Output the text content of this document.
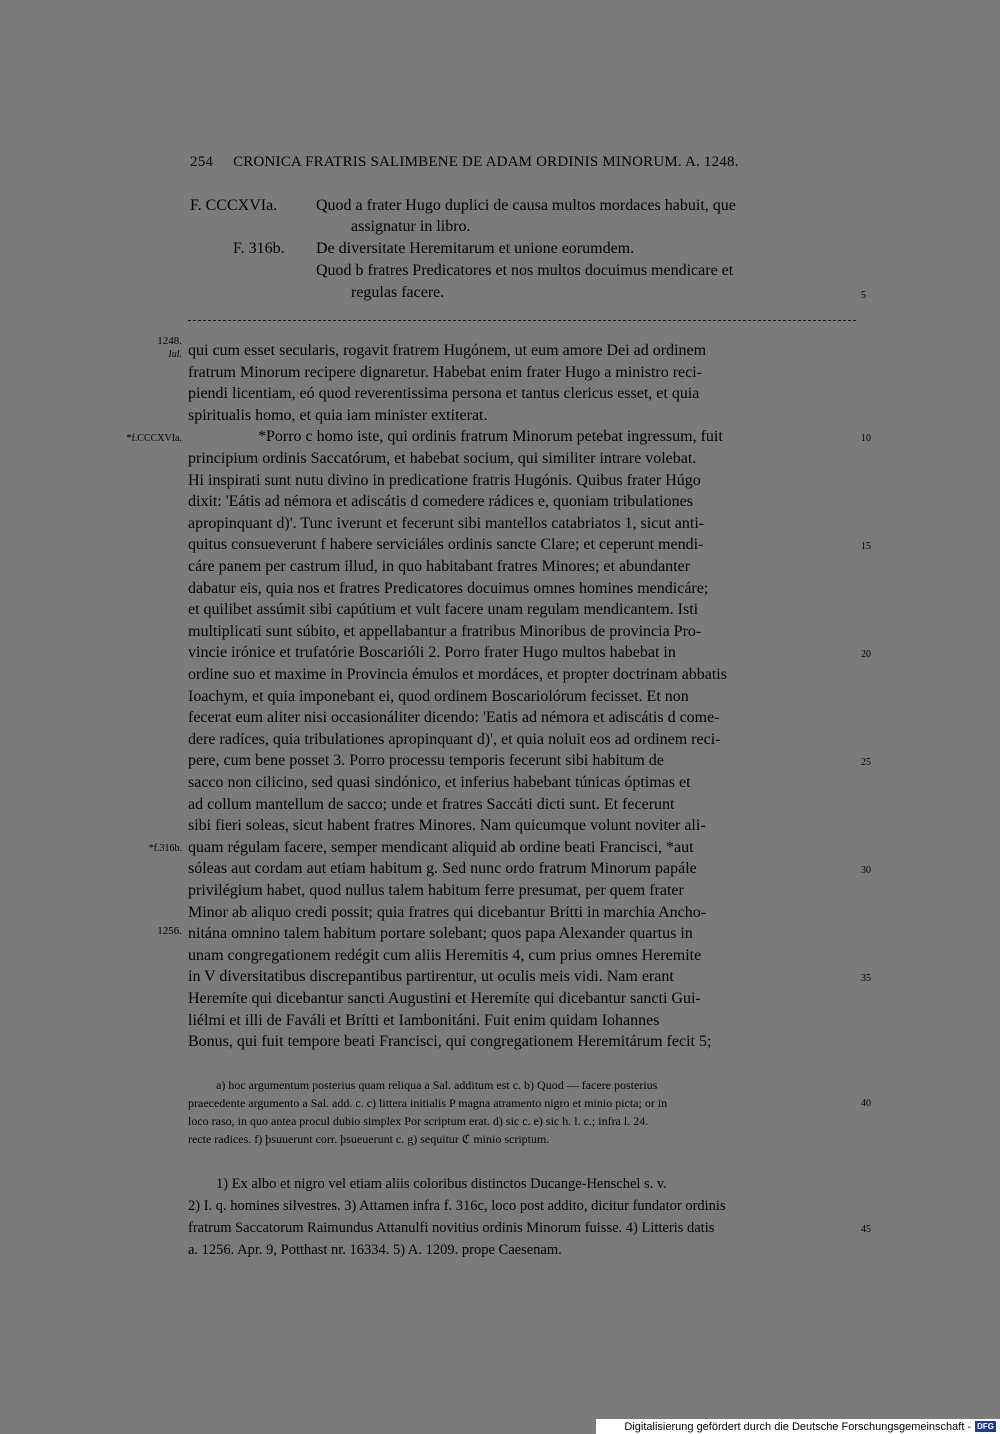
254 CRONICA FRATRIS SALIMBENE DE ADAM ORDINIS MINORUM. A. 1248.
F. CCCXVIa. Quod a frater Hugo duplici de causa multos mordaces habuit, que
assignatur in libro.
F. 316b. De diversitate Heremitarum et unione eorumdem.
Quod b fratres Predicatores et nos multos docuimus mendicare et
regulas facere.	5
1248.
Iul.
*f.CCCXVIa.
*f.316b.
1256.
qui cum esset secularis, rogavit fratrem Hugónem, ut eum amore Dei ad ordinem
fratrum Minorum recipere dignaretur. Habebat enim frater Hugo a ministro reci-
piendi licentiam, eó quod reverentissima persona et tantus clericus esset, et quia
spiritualis homo, et quia iam minister extiterat.
*Porro c homo iste, qui ordinis fratrum Minorum petebat ingressum, fuit
principium ordinis Saccatórum, et habebat socium, qui similiter intrare volebat.
Hi inspirati sunt nutu divino in predicatione fratris Hugónis. Quibus frater Húgo
dixit: 'Eátis ad némora et adiscátis d comedere rádices e, quoniam tribulationes
apropinquant d)'. Tunc iverunt et fecerunt sibi mantellos catabriatos 1, sicut anti-
quitus consueverunt f habere serviciáles ordinis sancte Clare; et ceperunt mendi-
cáre panem per castrum illud, in quo habitabant fratres Minores; et abundanter
dabatur eis, quia nos et fratres Predicatores docuimus omnes homines mendicáre;
et quilibet assúmit sibi capútium et vult facere unam regulam mendicantem. Isti
multiplicati sunt súbito, et appellabantur a fratribus Minoribus de provincia Pro-
vincie irónice et trufatórie Boscarióli 2. Porro frater Hugo multos habebat in
ordine suo et maxime in Provincia émulos et mordáces, et propter doctrinam abbatis
Ioachym, et quia imponebant ei, quod ordinem Boscariolórum fecisset. Et non
fecerat eum aliter nisi occasionáliter dicendo: 'Eatis ad némora et adiscátis d come-
dere radíces, quia tribulationes apropinquant d)', et quia noluit eos ad ordinem reci-
pere, cum bene posset 3. Porro processu temporis fecerunt sibi habitum de
sacco non cilicino, sed quasi sindónico, et inferius habebant túnicas óptimas et
ad collum mantellum de sacco; unde et fratres Saccáti dicti sunt. Et fecerunt
sibi fieri soleas, sicut habent fratres Minores. Nam quicumque volunt noviter ali-
quam régulam facere, semper mendicant aliquid ab ordine beati Francisci, *aut
sóleas aut cordam aut etiam habitum g. Sed nunc ordo fratrum Minorum papále
privilégium habet, quod nullus talem habitum ferre presumat, per quem frater
Minor ab aliquo credi possit; quia fratres qui dicebantur Brítti in marchia Ancho-
nitána omnino talem habitum portare solebant; quos papa Alexander quartus in
unam congregationem redégit cum aliis Heremitis 4, cum prius omnes Heremite
in V diversitatibus discrepantibus partirentur, ut oculis meis vidi. Nam erant
Heremíte qui dicebantur sancti Augustini et Heremíte qui dicebantur sancti Gui-
liélmi et illi de Faváli et Brítti et Iambonitáni. Fuit enim quidam Iohannes
Bonus, qui fuit tempore beati Francisci, qui congregationem Heremitárum fecit 5;
10
15
20
25
30
35
a) hoc argumentum posterius quam reliqua a Sal. additum est c. b) Quod — facere posterius
praecedente argumento a Sal. add. c. c) littera initialis P magna atramento nigro et minio picta; or in
loco raso, in quo antea procul dubio simplex Por scriptum erat. d) sic c. e) sic h. l. c.; infra l. 24.
recte radices. f) ϸsuuerunt corr. ϸsueuerunt c. g) sequitur ℭ minio scriptum.
40
1) Ex albo et nigro vel etiam aliis coloribus distinctos Ducange-Henschel s. v.
2) I. q. homines silvestres. 3) Attamen infra f. 316c, loco post addito, dicitur fundator ordinis
fratrum Saccatorum Raimundus Attanulfi novitius ordinis Minorum fuisse. 4) Litteris datis
a. 1256. Apr. 9, Potthast nr. 16334. 5) A. 1209. prope Caesenam.
45
Digitalisierung gefördert durch die Deutsche Forschungsgemeinschaft - DFG
